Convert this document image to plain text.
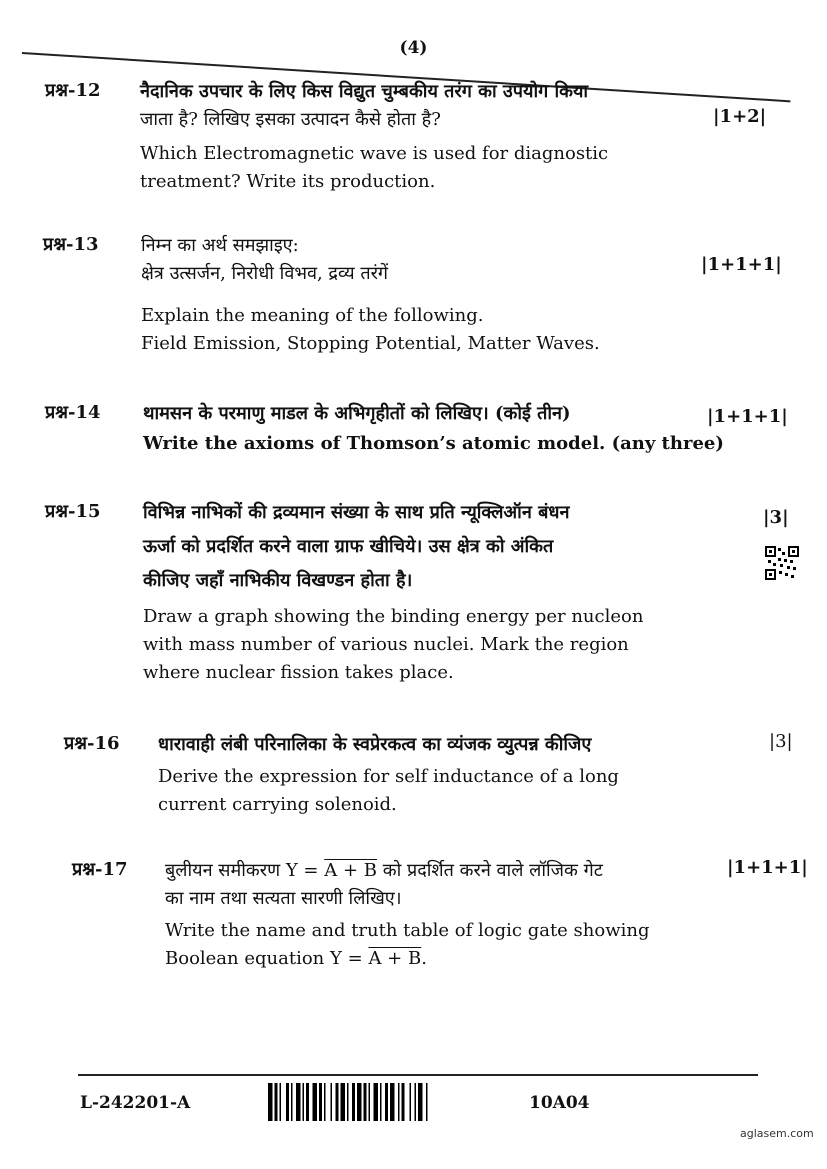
(4)
प्रश्न-12 नैदानिक उपचार के लिए किस विद्युत चुम्बकीय तरंग का उपयोग किया

जाता है? लिखिए इसका उत्पादन कैसे होता है?

Which Electromagnetic wave is used for diagnostic

treatment? Write its production.

|1+2|
प्रश्न-13 निम्न का अर्थ समझाइए:

क्षेत्र उत्सर्जन, निरोधी विभव, द्रव्य तरंगें

Explain the meaning of the following.

Field Emission, Stopping Potential, Matter Waves.

|1+1+1|
प्रश्न-14 थामसन के परमाणु माडल के अभिगृहीतों को लिखिए। (कोई तीन)

Write the axioms of Thomson’s atomic model. (any three)

|1+1+1|
प्रश्न-15 विभिन्न नाभिकों की द्रव्यमान संख्या के साथ प्रति न्यूक्लिऑन बंधन

ऊर्जा को प्रदर्शित करने वाला ग्राफ खीचिये। उस क्षेत्र को अंकित

कीजिए जहाँ नाभिकीय विखण्डन होता है।

Draw a graph showing the binding energy per nucleon

with mass number of various nuclei. Mark the region

where nuclear fission takes place.

|3|
प्रश्न-16 धारावाही लंबी परिनालिका के स्वप्रेरकत्व का व्यंजक व्युत्पन्न कीजिए

Derive the expression for self inductance of a long

current carrying solenoid.

|3|
प्रश्न-17 बुलीयन समीकरण Y = A + B को प्रदर्शित करने वाले लॉजिक गेट

का नाम तथा सत्यता सारणी लिखिए।

Write the name and truth table of logic gate showing

Boolean equation Y = A + B.

|1+1+1|
L-242201-A	10A04
aglasem.com
